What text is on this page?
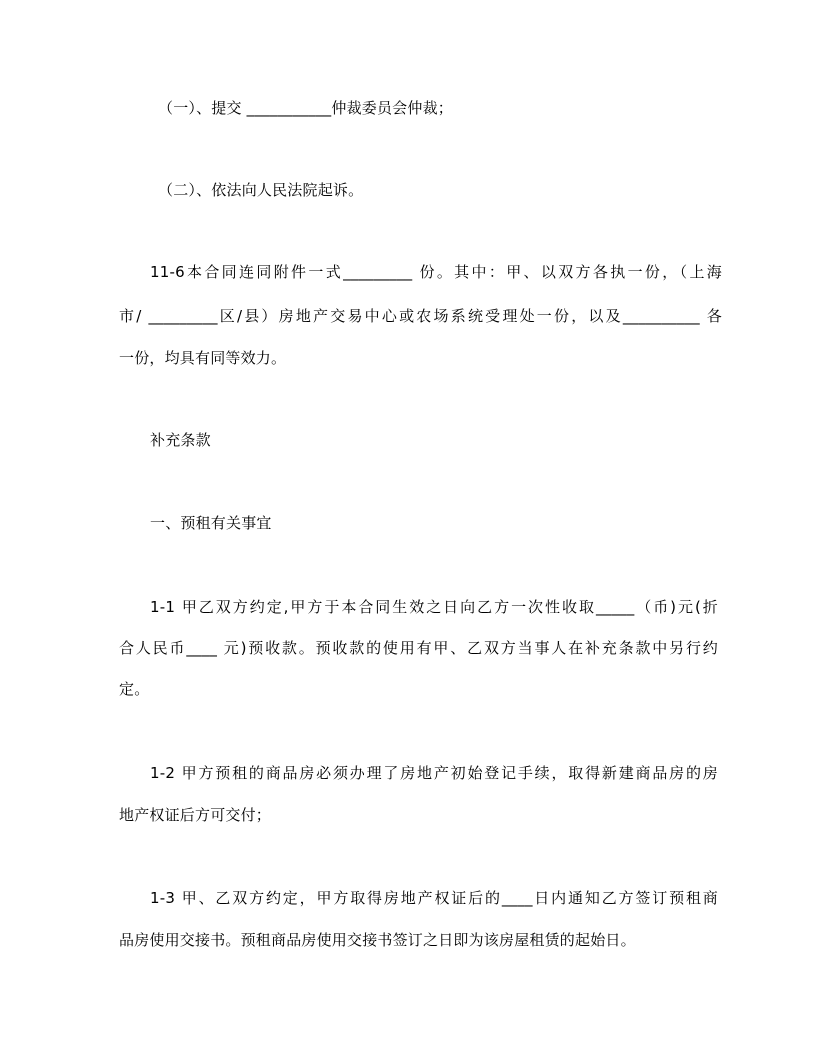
（一）、提交 ___________仲裁委员会仲裁；
（二）、依法向人民法院起诉。
11-6本合同连同附件一式_________ 份。其中：甲、以双方各执一份，（上海
市/ _________区/县）房地产交易中心或农场系统受理处一份，以及__________ 各
一份，均具有同等效力。
补充条款
一、预租有关事宜
1-1 甲乙双方约定,甲方于本合同生效之日向乙方一次性收取_____（币)元(折
合人民币____ 元)预收款。预收款的使用有甲、乙双方当事人在补充条款中另行约
定。
1-2 甲方预租的商品房必须办理了房地产初始登记手续，取得新建商品房的房
地产权证后方可交付；
1-3 甲、乙双方约定，甲方取得房地产权证后的____日内通知乙方签订预租商
品房使用交接书。预租商品房使用交接书签订之日即为该房屋租赁的起始日。
